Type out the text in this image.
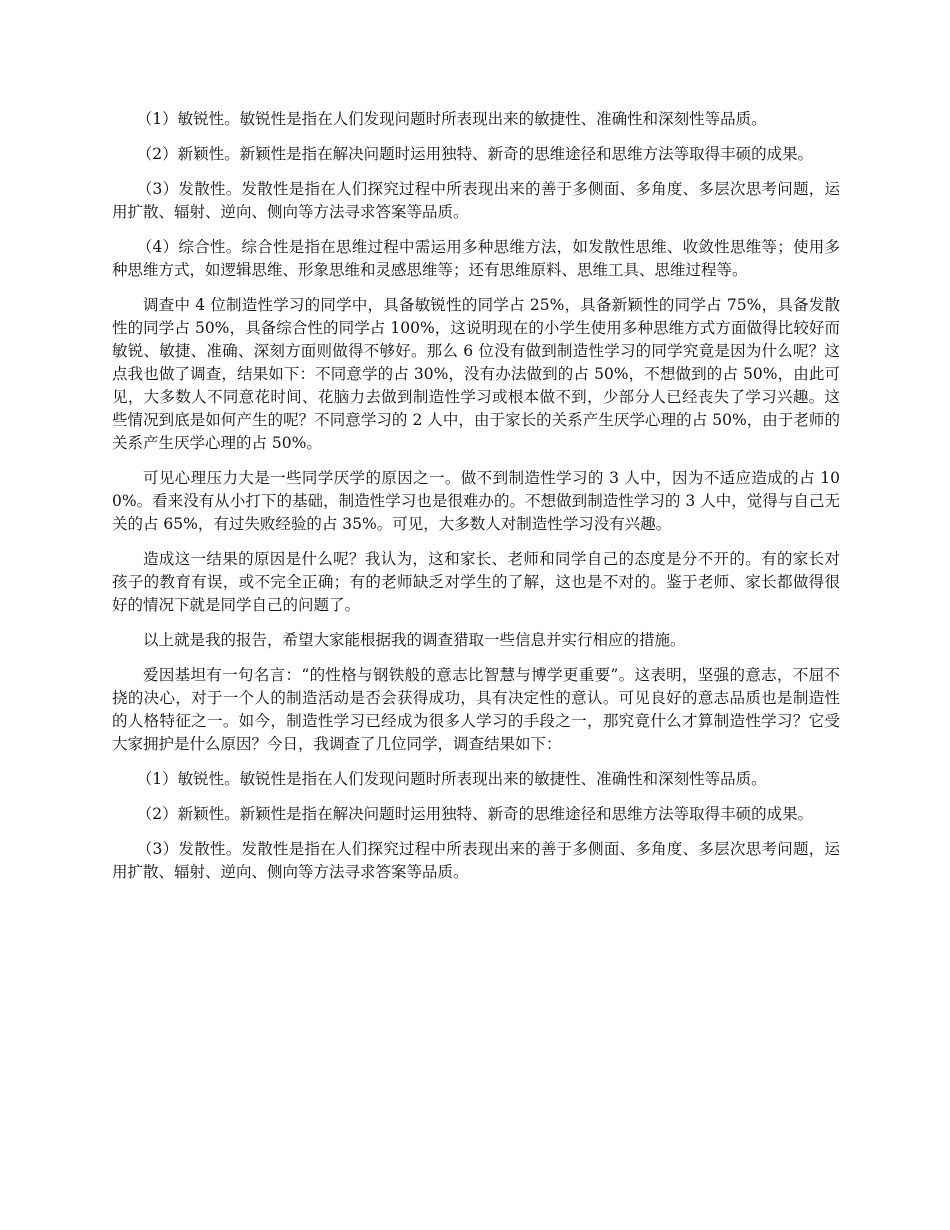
（1）敏锐性。敏锐性是指在人们发现问题时所表现出来的敏捷性、准确性和深刻性等品质。

（2）新颖性。新颖性是指在解决问题时运用独特、新奇的思维途径和思维方法等取得丰硕的成果。

（3）发散性。发散性是指在人们探究过程中所表现出来的善于多侧面、多角度、多层次思考问题，运用扩散、辐射、逆向、侧向等方法寻求答案等品质。

（4）综合性。综合性是指在思维过程中需运用多种思维方法，如发散性思维、收敛性思维等；使用多种思维方式，如逻辑思维、形象思维和灵感思维等；还有思维原料、思维工具、思维过程等。

调查中 4 位制造性学习的同学中，具备敏锐性的同学占 25%，具备新颖性的同学占 75%，具备发散性的同学占 50%，具备综合性的同学占 100%，这说明现在的小学生使用多种思维方式方面做得比较好而敏锐、敏捷、准确、深刻方面则做得不够好。那么 6 位没有做到制造性学习的同学究竟是因为什么呢？这点我也做了调查，结果如下：不同意学的占 30%，没有办法做到的占 50%，不想做到的占 50%，由此可见，大多数人不同意花时间、花脑力去做到制造性学习或根本做不到，少部分人已经丧失了学习兴趣。这些情况到底是如何产生的呢？不同意学习的 2 人中，由于家长的关系产生厌学心理的占 50%，由于老师的关系产生厌学心理的占 50%。

可见心理压力大是一些同学厌学的原因之一。做不到制造性学习的 3 人中，因为不适应造成的占 100%。看来没有从小打下的基础，制造性学习也是很难办的。不想做到制造性学习的 3 人中，觉得与自己无关的占 65%，有过失败经验的占 35%。可见，大多数人对制造性学习没有兴趣。

造成这一结果的原因是什么呢？我认为，这和家长、老师和同学自己的态度是分不开的。有的家长对孩子的教育有误，或不完全正确；有的老师缺乏对学生的了解，这也是不对的。鉴于老师、家长都做得很好的情况下就是同学自己的问题了。

以上就是我的报告，希望大家能根据我的调查猎取一些信息并实行相应的措施。

爱因基坦有一句名言：“的性格与钢铁般的意志比智慧与博学更重要”。这表明，坚强的意志，不屈不挠的决心，对于一个人的制造活动是否会获得成功，具有决定性的意认。可见良好的意志品质也是制造性的人格特征之一。如今，制造性学习已经成为很多人学习的手段之一，那究竟什么才算制造性学习？它受大家拥护是什么原因？今日，我调查了几位同学，调查结果如下：

（1）敏锐性。敏锐性是指在人们发现问题时所表现出来的敏捷性、准确性和深刻性等品质。

（2）新颖性。新颖性是指在解决问题时运用独特、新奇的思维途径和思维方法等取得丰硕的成果。

（3）发散性。发散性是指在人们探究过程中所表现出来的善于多侧面、多角度、多层次思考问题，运用扩散、辐射、逆向、侧向等方法寻求答案等品质。
